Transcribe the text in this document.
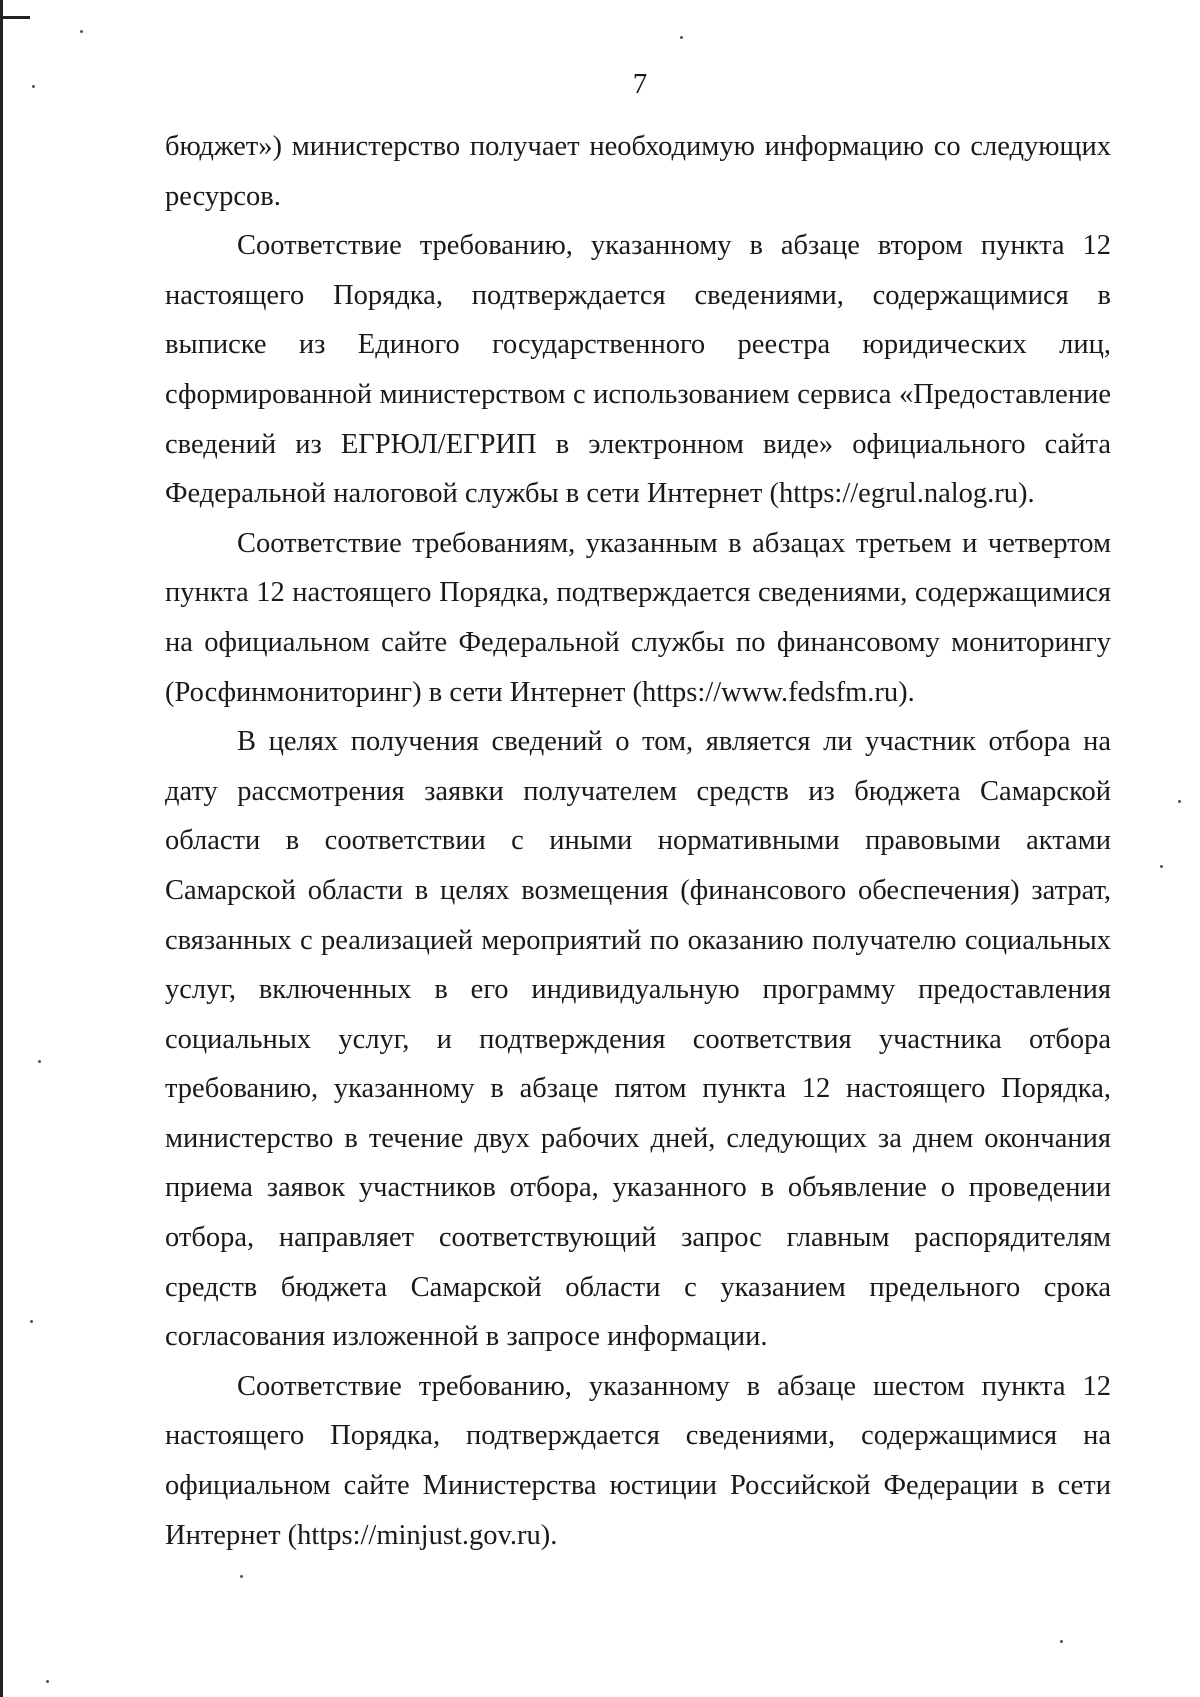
7

бюджет») министерство получает необходимую информацию со следующих ресурсов.

Соответствие требованию, указанному в абзаце втором пункта 12 настоящего Порядка, подтверждается сведениями, содержащимися в выписке из Единого государственного реестра юридических лиц, сформированной министерством с использованием сервиса «Предоставление сведений из ЕГРЮЛ/ЕГРИП в электронном виде» официального сайта Федеральной налоговой службы в сети Интернет (https://egrul.nalog.ru).

Соответствие требованиям, указанным в абзацах третьем и четвертом пункта 12 настоящего Порядка, подтверждается сведениями, содержащимися на официальном сайте Федеральной службы по финансовому мониторингу (Росфинмониторинг) в сети Интернет (https://www.fedsfm.ru).

В целях получения сведений о том, является ли участник отбора на дату рассмотрения заявки получателем средств из бюджета Самарской области в соответствии с иными нормативными правовыми актами Самарской области в целях возмещения (финансового обеспечения) затрат, связанных с реализацией мероприятий по оказанию получателю социальных услуг, включенных в его индивидуальную программу предоставления социальных услуг, и подтверждения соответствия участника отбора требованию, указанному в абзаце пятом пункта 12 настоящего Порядка, министерство в течение двух рабочих дней, следующих за днем окончания приема заявок участников отбора, указанного в объявление о проведении отбора, направляет соответствующий запрос главным распорядителям средств бюджета Самарской области с указанием предельного срока согласования изложенной в запросе информации.

Соответствие требованию, указанному в абзаце шестом пункта 12 настоящего Порядка, подтверждается сведениями, содержащимися на официальном сайте Министерства юстиции Российской Федерации в сети Интернет (https://minjust.gov.ru).
